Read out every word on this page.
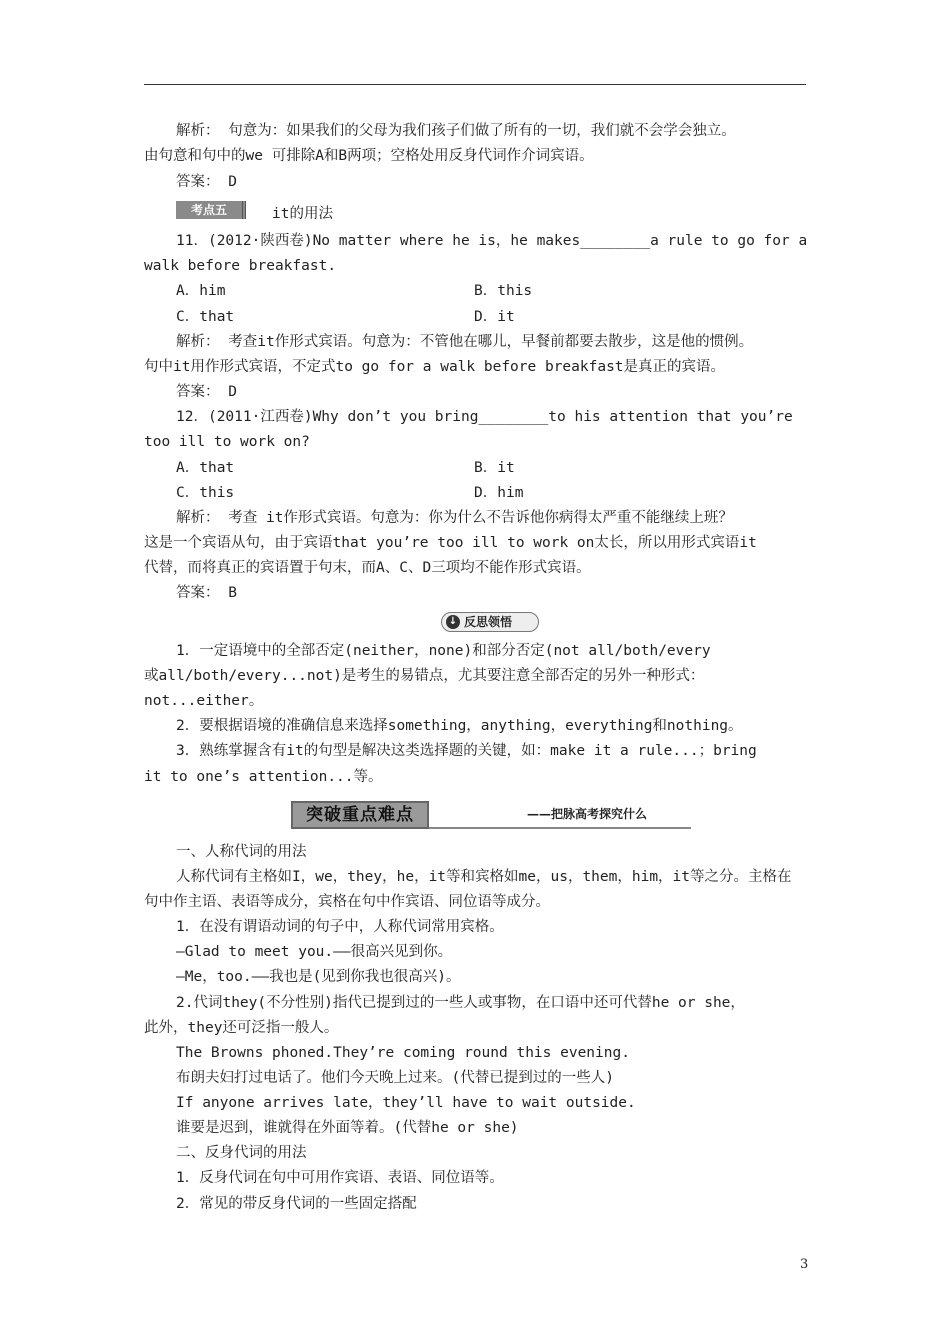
解析： 句意为：如果我们的父母为我们孩子们做了所有的一切，我们就不会学会独立。
由句意和句中的we 可排除A和B两项；空格处用反身代词作介词宾语。
答案： D
考点五	it的用法
11．(2012·陕西卷)No matter where he is，he makes________a rule to go for a
walk before breakfast.
A．him	B．this
C．that	D．it
解析： 考查it作形式宾语。句意为：不管他在哪儿，早餐前都要去散步，这是他的惯例。
句中it用作形式宾语，不定式to go for a walk before breakfast是真正的宾语。
答案： D
12．(2011·江西卷)Why don’t you bring________to his attention that you’re
too ill to work on?
A．that	B．it
C．this	D．him
解析： 考查 it作形式宾语。句意为：你为什么不告诉他你病得太严重不能继续上班？
这是一个宾语从句，由于宾语that you’re too ill to work on太长，所以用形式宾语it
代替，而将真正的宾语置于句末，而A、C、D三项均不能作形式宾语。
答案： B
↓ 反思领悟
1．一定语境中的全部否定(neither，none)和部分否定(not all/both/every
或all/both/every...not)是考生的易错点，尤其要注意全部否定的另外一种形式：
not...either。
2．要根据语境的准确信息来选择something，anything，everything和nothing。
3．熟练掌握含有it的句型是解决这类选择题的关键，如：make it a rule...；bring
it to one’s attention...等。
突破重点难点	——把脉高考探究什么
一、人称代词的用法
人称代词有主格如I，we，they，he，it等和宾格如me，us，them，him，it等之分。主格在
句中作主语、表语等成分，宾格在句中作宾语、同位语等成分。
1．在没有谓语动词的句子中，人称代词常用宾格。
—Glad to meet you.——很高兴见到你。
—Me，too.——我也是(见到你我也很高兴)。
2.代词they(不分性别)指代已提到过的一些人或事物，在口语中还可代替he or she，
此外，they还可泛指一般人。
The Browns phoned.They’re coming round this evening.
布朗夫妇打过电话了。他们今天晚上过来。(代替已提到过的一些人)
If anyone arrives late，they’ll have to wait outside.
谁要是迟到，谁就得在外面等着。(代替he or she)
二、反身代词的用法
1．反身代词在句中可用作宾语、表语、同位语等。
2．常见的带反身代词的一些固定搭配
3
